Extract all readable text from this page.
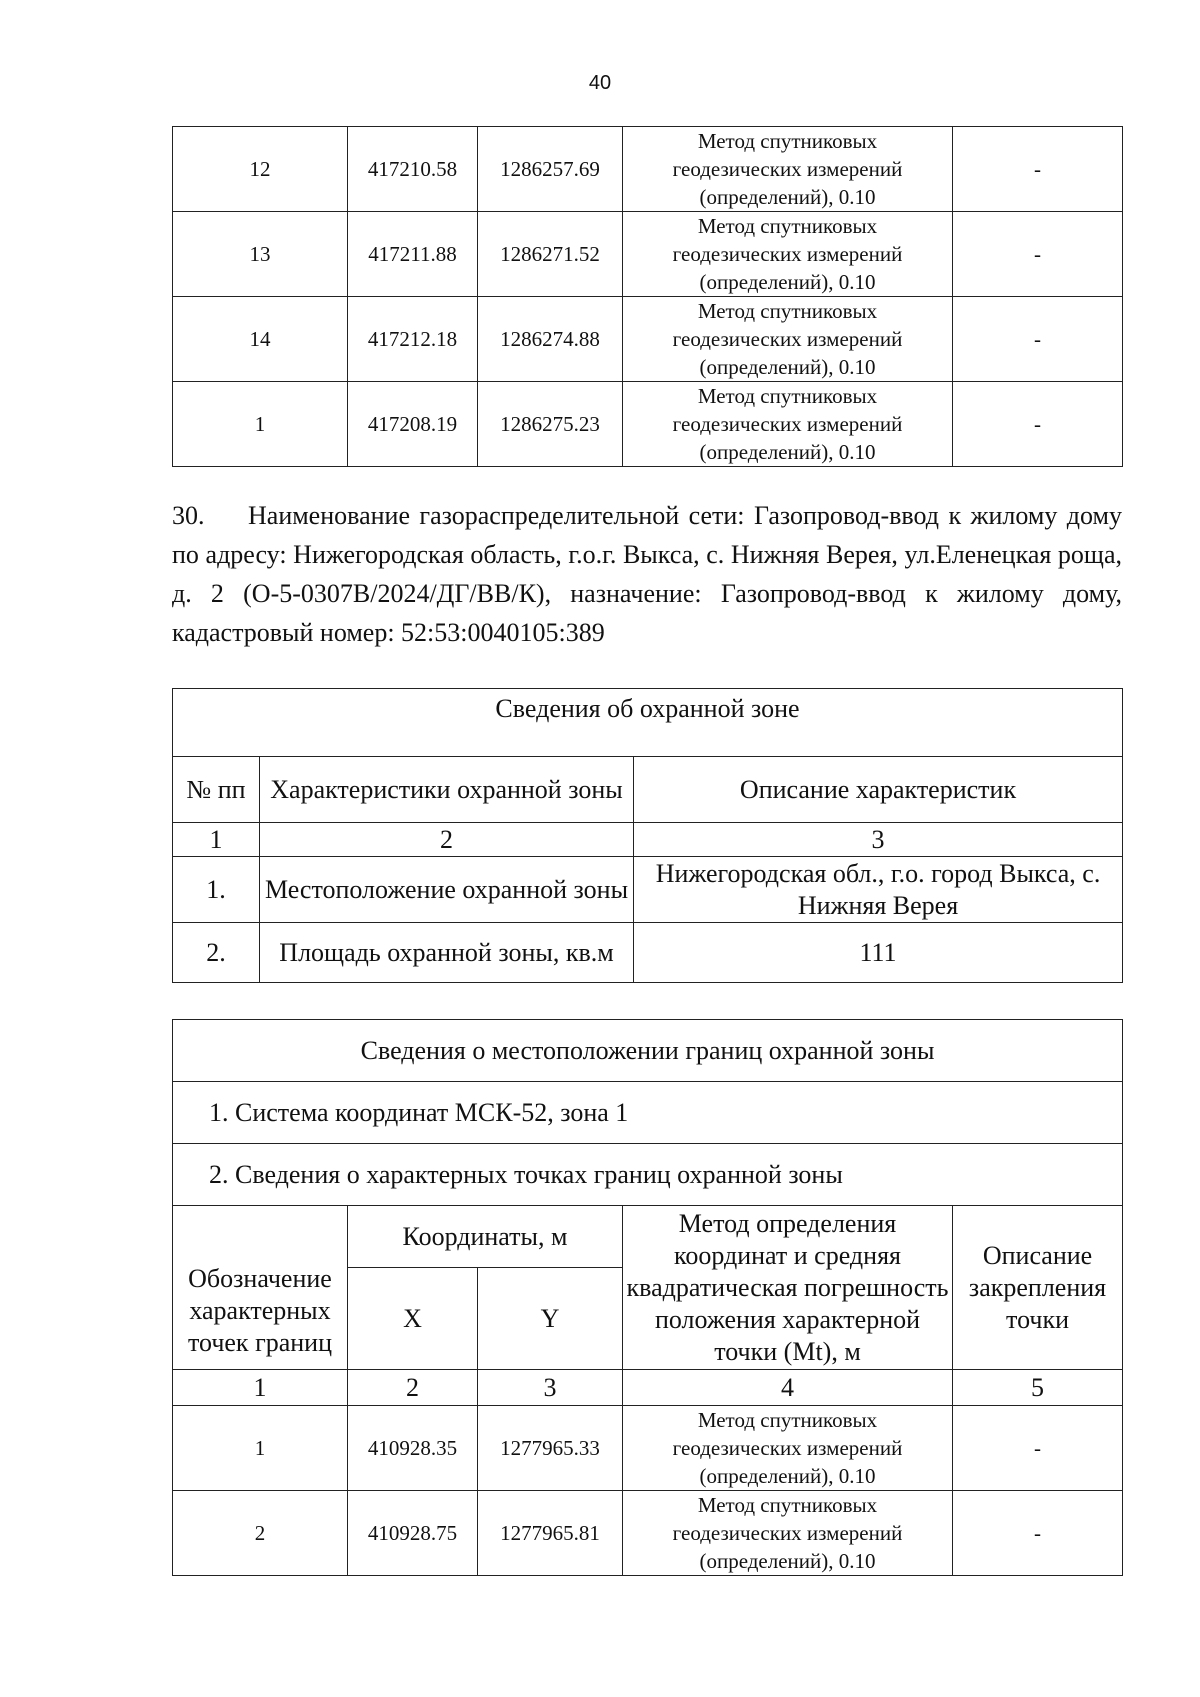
40
12	417210.58	1286257.69	Метод спутниковых
геодезических измерений
(определений), 0.10	-
13	417211.88	1286271.52	Метод спутниковых
геодезических измерений
(определений), 0.10	-
14	417212.18	1286274.88	Метод спутниковых
геодезических измерений
(определений), 0.10	-
1	417208.19	1286275.23	Метод спутниковых
геодезических измерений
(определений), 0.10	-
30. Наименование газораспределительной сети: Газопровод-ввод к жилому дому по адресу: Нижегородская область, г.о.г. Выкса, с. Нижняя Верея, ул.Еленецкая роща, д. 2 (О-5-0307В/2024/ДГ/ВВ/К), назначение: Газопровод-ввод к жилому дому, кадастровый номер: 52:53:0040105:389
Сведения об охранной зоне		
№ пп	Характеристики охранной зоны	Описание характеристик
1	2	3
1.	Местоположение охранной зоны	Нижегородская обл., г.о. город Выкса, с. Нижняя Верея
2.	Площадь охранной зоны, кв.м	111
Сведения о местоположении границ охранной зоны				
1. Система координат МСК-52, зона 1				
2. Сведения о характерных точках границ охранной зоны				
Обозначение характерных точек границ	Координаты, м		Метод определения координат и средняя квадратическая погрешность положения характерной точки (Mt), м	Описание закрепления точки
	X	Y		
1	2	3	4	5
1	410928.35	1277965.33	Метод спутниковых
геодезических измерений
(определений), 0.10	-
2	410928.75	1277965.81	Метод спутниковых
геодезических измерений
(определений), 0.10	-
